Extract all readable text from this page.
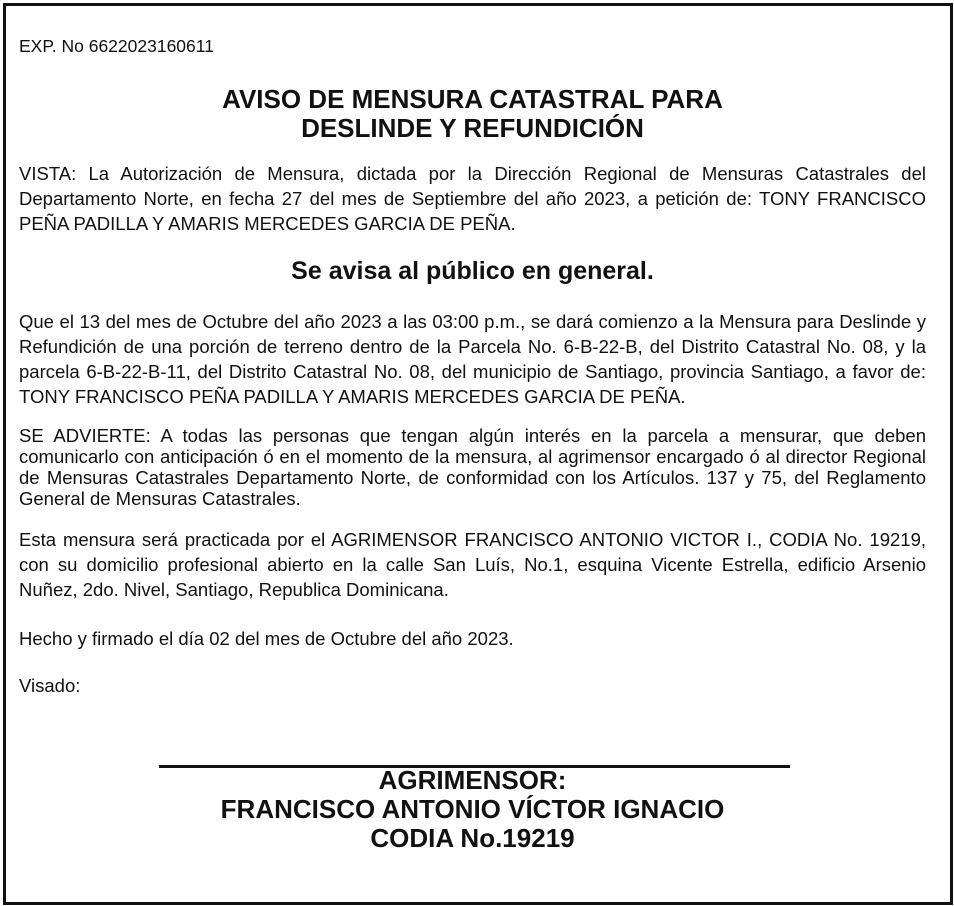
EXP. No 6622023160611

AVISO DE MENSURA CATASTRAL PARA
DESLINDE Y REFUNDICIÓN

VISTA: La Autorización de Mensura, dictada por la Dirección Regional de Mensuras Catastrales del Departamento Norte, en fecha 27 del mes de Septiembre del año 2023, a petición de: TONY FRANCISCO PEÑA PADILLA Y AMARIS MERCEDES GARCIA DE PEÑA.

Se avisa al público en general.

Que el 13 del mes de Octubre del año 2023 a las 03:00 p.m., se dará comienzo a la Mensura para Deslinde y Refundición de una porción de terreno dentro de la Parcela No. 6-B-22-B, del Distrito Catastral No. 08, y la parcela 6-B-22-B-11, del Distrito Catastral No. 08, del municipio de Santiago, provincia Santiago, a favor de: TONY FRANCISCO PEÑA PADILLA Y AMARIS MERCEDES GARCIA DE PEÑA.

SE ADVIERTE: A todas las personas que tengan algún interés en la parcela a mensurar, que deben comunicarlo con anticipación ó en el momento de la mensura, al agrimensor encargado ó al director Regional de Mensuras Catastrales Departamento Norte, de conformidad con los Artículos. 137 y 75, del Reglamento General de Mensuras Catastrales.

Esta mensura será practicada por el AGRIMENSOR FRANCISCO ANTONIO VICTOR I., CODIA No. 19219, con su domicilio profesional abierto en la calle San Luís, No.1, esquina Vicente Estrella, edificio Arsenio Nuñez, 2do. Nivel, Santiago, Republica Dominicana.

Hecho y firmado el día 02 del mes de Octubre del año 2023.

Visado:

AGRIMENSOR:
FRANCISCO ANTONIO VÍCTOR IGNACIO
CODIA No.19219
